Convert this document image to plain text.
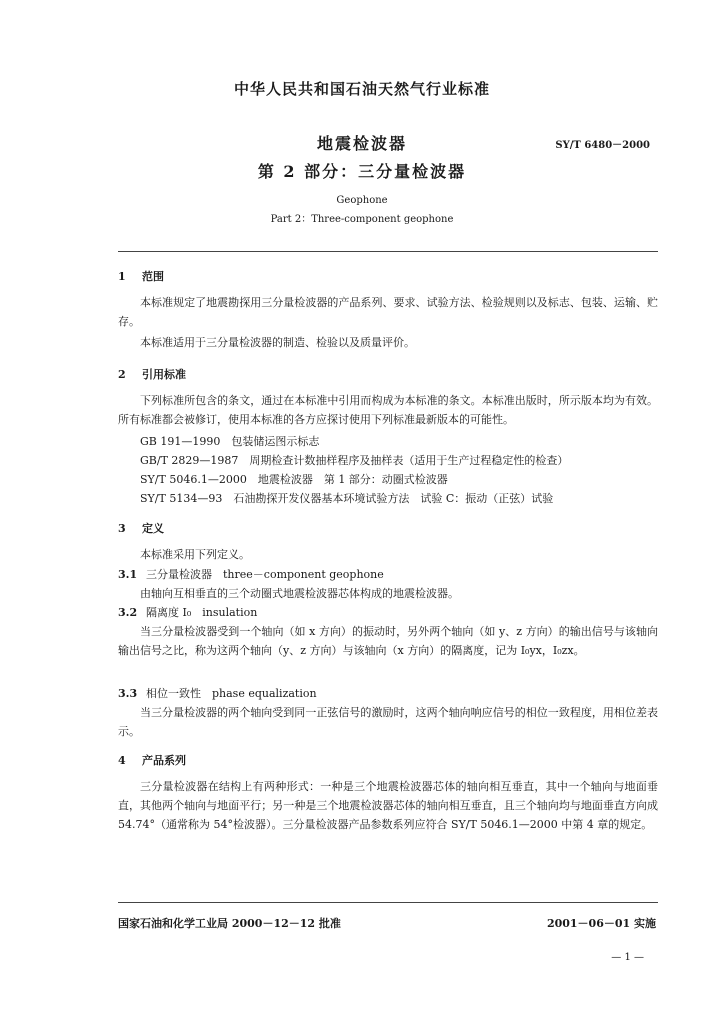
中华人民共和国石油天然气行业标准
地震检波器	SY/T 6480－2000
第 2 部分：三分量检波器
Geophone
Part 2：Three-component geophone
1 范围

本标准规定了地震勘探用三分量检波器的产品系列、要求、试验方法、检验规则以及标志、包装、运输、贮存。

本标准适用于三分量检波器的制造、检验以及质量评价。

2 引用标准

下列标准所包含的条文，通过在本标准中引用而构成为本标准的条文。本标准出版时，所示版本均为有效。所有标准都会被修订，使用本标准的各方应探讨使用下列标准最新版本的可能性。

GB 191—1990　包装储运图示标志
GB/T 2829—1987　周期检查计数抽样程序及抽样表（适用于生产过程稳定性的检查）
SY/T 5046.1—2000　地震检波器　第 1 部分：动圈式检波器
SY/T 5134—93　石油勘探开发仪器基本环境试验方法　试验 C：振动（正弦）试验
3 定义

本标准采用下列定义。

3.1 三分量检波器　three－component geophone

由轴向互相垂直的三个动圈式地震检波器芯体构成的地震检波器。

3.2 隔离度 I₀　insulation

当三分量检波器受到一个轴向（如 x 方向）的振动时，另外两个轴向（如 y、z 方向）的输出信号与该轴向输出信号之比，称为这两个轴向（y、z 方向）与该轴向（x 方向）的隔离度，记为 I₀yx，I₀zx。

3.3 相位一致性　phase equalization

当三分量检波器的两个轴向受到同一正弦信号的激励时，这两个轴向响应信号的相位一致程度，用相位差表示。

4 产品系列

三分量检波器在结构上有两种形式：一种是三个地震检波器芯体的轴向相互垂直，其中一个轴向与地面垂直，其他两个轴向与地面平行；另一种是三个地震检波器芯体的轴向相互垂直，且三个轴向均与地面垂直方向成 54.74°（通常称为 54°检波器）。三分量检波器产品参数系列应符合 SY/T 5046.1—2000 中第 4 章的规定。

国家石油和化学工业局 2000－12－12 批准	2001－06－01 实施
— 1 —
